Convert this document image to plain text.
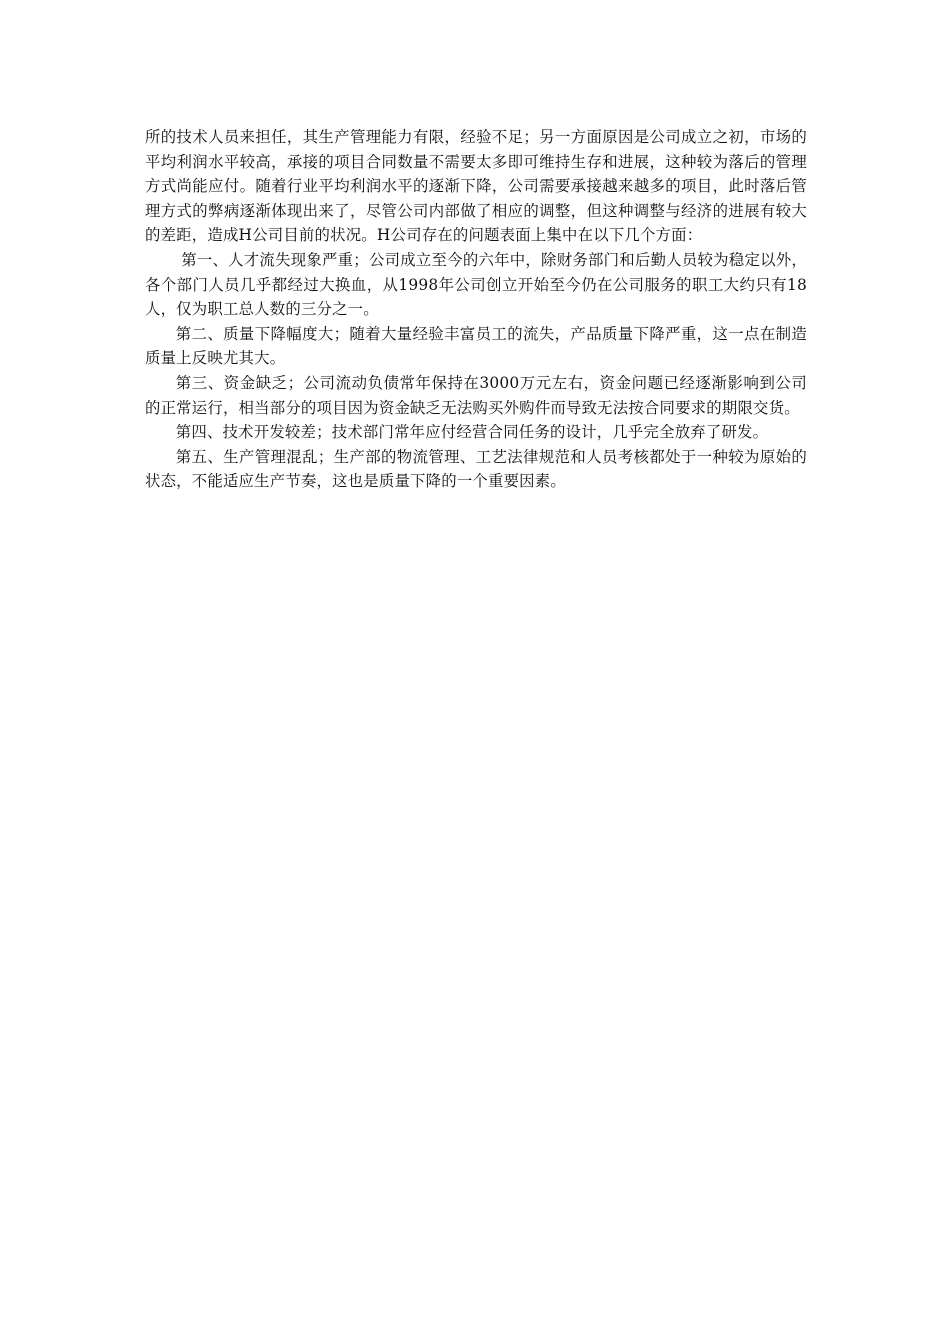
所的技术人员来担任，其生产管理能力有限，经验不足；另一方面原因是公司成立之初，市场的平均利润水平较高，承接的项目合同数量不需要太多即可维持生存和进展，这种较为落后的管理方式尚能应付。随着行业平均利润水平的逐渐下降，公司需要承接越来越多的项目，此时落后管理方式的弊病逐渐体现出来了，尽管公司内部做了相应的调整，但这种调整与经济的进展有较大的差距，造成H公司目前的状况。H公司存在的问题表面上集中在以下几个方面：

第一、人才流失现象严重；公司成立至今的六年中，除财务部门和后勤人员较为稳定以外，各个部门人员几乎都经过大换血，从1998年公司创立开始至今仍在公司服务的职工大约只有18人，仅为职工总人数的三分之一。

第二、质量下降幅度大；随着大量经验丰富员工的流失，产品质量下降严重，这一点在制造质量上反映尤其大。

第三、资金缺乏；公司流动负债常年保持在3000万元左右，资金问题已经逐渐影响到公司的正常运行，相当部分的项目因为资金缺乏无法购买外购件而导致无法按合同要求的期限交货。

第四、技术开发较差；技术部门常年应付经营合同任务的设计，几乎完全放弃了研发。

第五、生产管理混乱；生产部的物流管理、工艺法律规范和人员考核都处于一种较为原始的状态，不能适应生产节奏，这也是质量下降的一个重要因素。
